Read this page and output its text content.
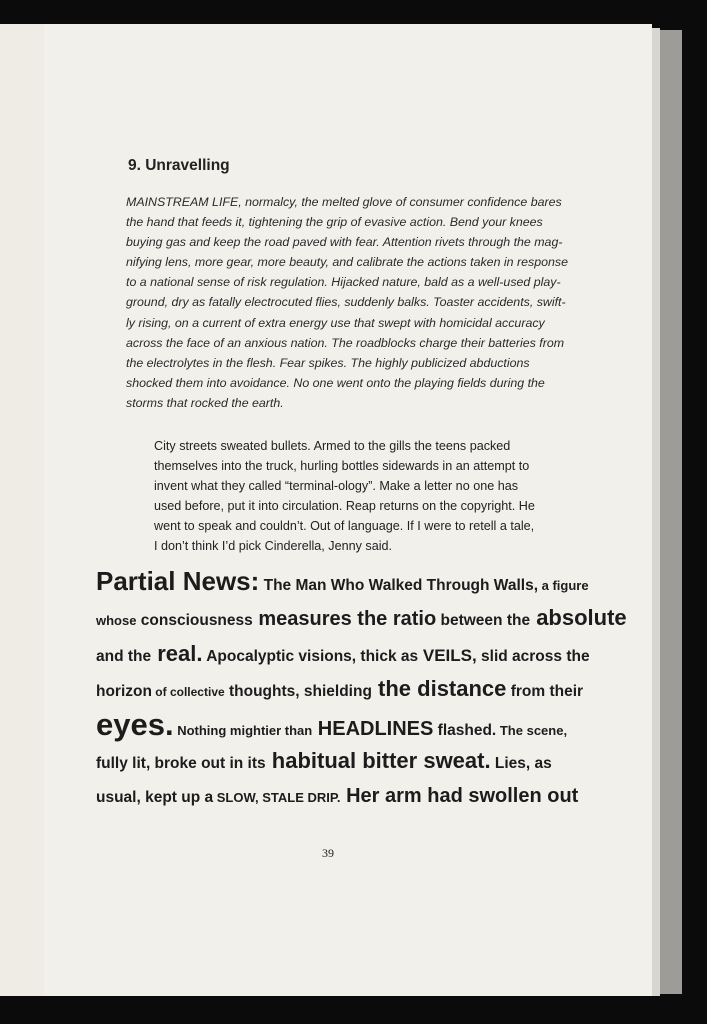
9. Unravelling
MAINSTREAM LIFE, normalcy, the melted glove of consumer confidence bares
the hand that feeds it, tightening the grip of evasive action. Bend your knees
buying gas and keep the road paved with fear. Attention rivets through the mag-
nifying lens, more gear, more beauty, and calibrate the actions taken in response
to a national sense of risk regulation. Hijacked nature, bald as a well-used play-
ground, dry as fatally electrocuted flies, suddenly balks. Toaster accidents, swift-
ly rising, on a current of extra energy use that swept with homicidal accuracy
across the face of an anxious nation. The roadblocks charge their batteries from
the electrolytes in the flesh. Fear spikes. The highly publicized abductions
shocked them into avoidance. No one went onto the playing fields during the
storms that rocked the earth.
City streets sweated bullets. Armed to the gills the teens packed
themselves into the truck, hurling bottles sidewards in an attempt to
invent what they called “terminal-ology”. Make a letter no one has
used before, put it into circulation. Reap returns on the copyright. He
went to speak and couldn’t. Out of language. If I were to retell a tale,
I don’t think I’d pick Cinderella, Jenny said.
Partial News: The Man Who Walked Through Walls, a figure
whose consciousness measures the ratio between the absolute
and the real. Apocalyptic visions, thick as VEILS, slid across the
horizon of collective thoughts, shielding the distance from their
eyes. Nothing mightier than HEADLINES flashed. The scene,
fully lit, broke out in its habitual bitter sweat. Lies, as
usual, kept up a SLOW, STALE DRIP. Her arm had swollen out
39
